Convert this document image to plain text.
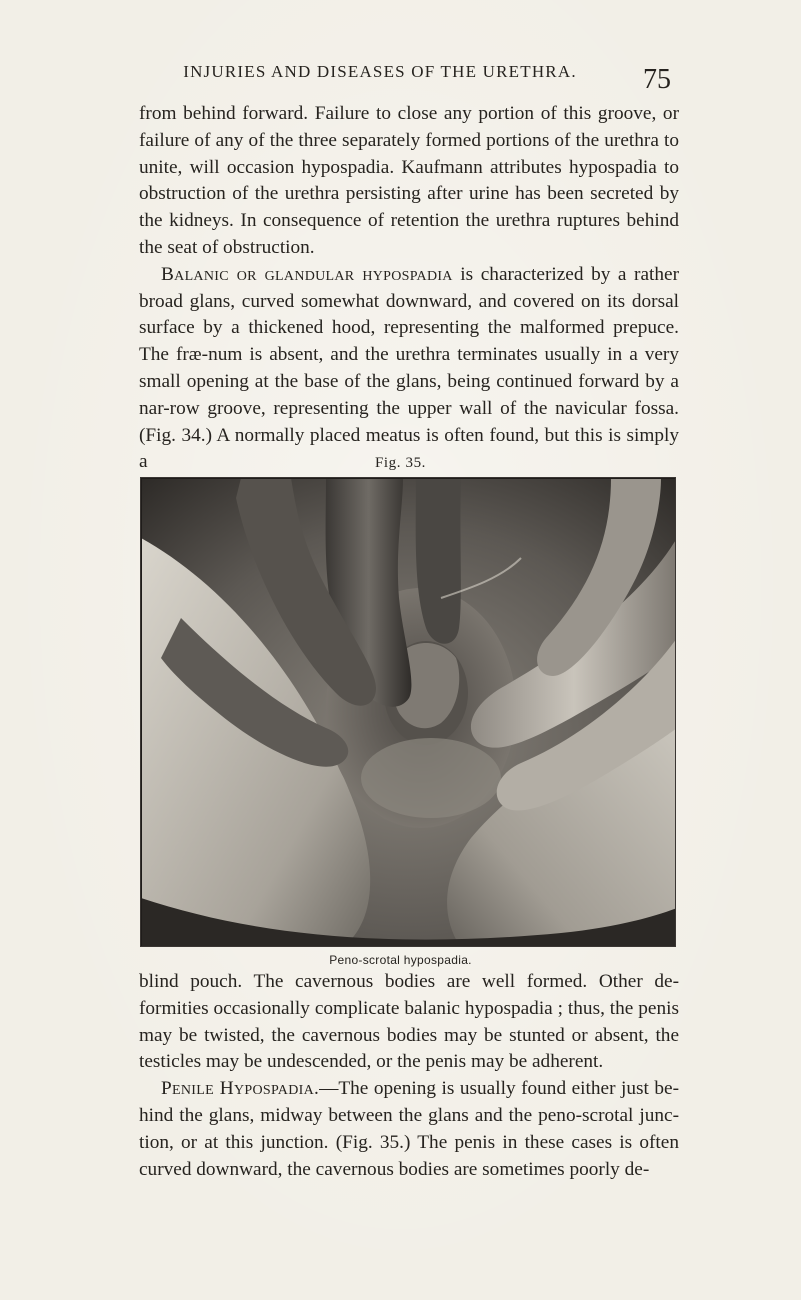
INJURIES AND DISEASES OF THE URETHRA.	75

from behind forward. Failure to close any portion of this groove, or failure of any of the three separately formed portions of the urethra to unite, will occasion hypospadia. Kaufmann attributes hypospadia to obstruction of the urethra persisting after urine has been secreted by the kidneys. In consequence of retention the urethra ruptures behind the seat of obstruction.

Balanic or glandular hypospadia is characterized by a rather broad glans, curved somewhat downward, and covered on its dorsal surface by a thickened hood, representing the malformed prepuce. The fræ-num is absent, and the urethra terminates usually in a very small opening at the base of the glans, being continued forward by a nar-row groove, representing the upper wall of the navicular fossa. (Fig. 34.) A normally placed meatus is often found, but this is simply a	Fig. 35.
Peno-scrotal hypospadia.

blind pouch. The cavernous bodies are well formed. Other de-formities occasionally complicate balanic hypospadia ; thus, the penis may be twisted, the cavernous bodies may be stunted or absent, the testicles may be undescended, or the penis may be adherent.

Penile Hypospadia.—The opening is usually found either just be-hind the glans, midway between the glans and the peno-scrotal junc-tion, or at this junction. (Fig. 35.) The penis in these cases is often curved downward, the cavernous bodies are sometimes poorly de-
